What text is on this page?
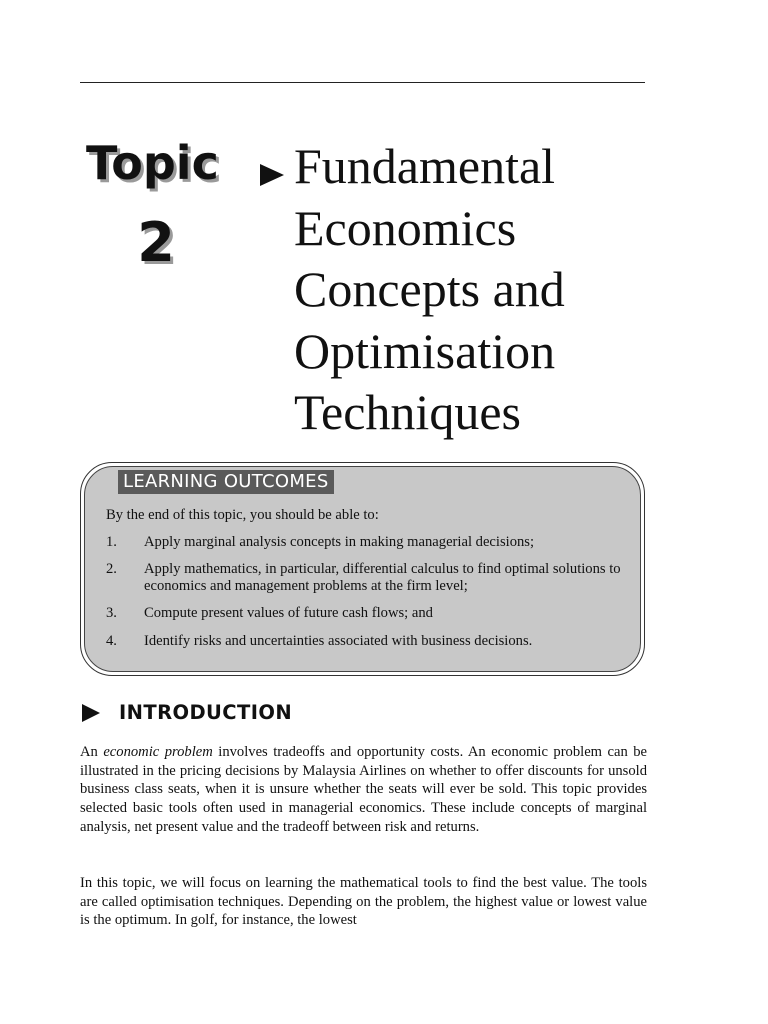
Topic
2
Fundamental
Economics
Concepts and
Optimisation
Techniques
LEARNING OUTCOMES
By the end of this topic, you should be able to:
1. Apply marginal analysis concepts in making managerial decisions;
2. Apply mathematics, in particular, differential calculus to find optimal solutions to economics and management problems at the firm level;
3. Compute present values of future cash flows; and
4. Identify risks and uncertainties associated with business decisions.
INTRODUCTION

An economic problem involves tradeoffs and opportunity costs. An economic problem can be illustrated in the pricing decisions by Malaysia Airlines on whether to offer discounts for unsold business class seats, when it is unsure whether the seats will ever be sold. This topic provides selected basic tools often used in managerial economics. These include concepts of marginal analysis, net present value and the tradeoff between risk and returns.

In this topic, we will focus on learning the mathematical tools to find the best value. The tools are called optimisation techniques. Depending on the problem, the highest value or lowest value is the optimum. In golf, for instance, the lowest
